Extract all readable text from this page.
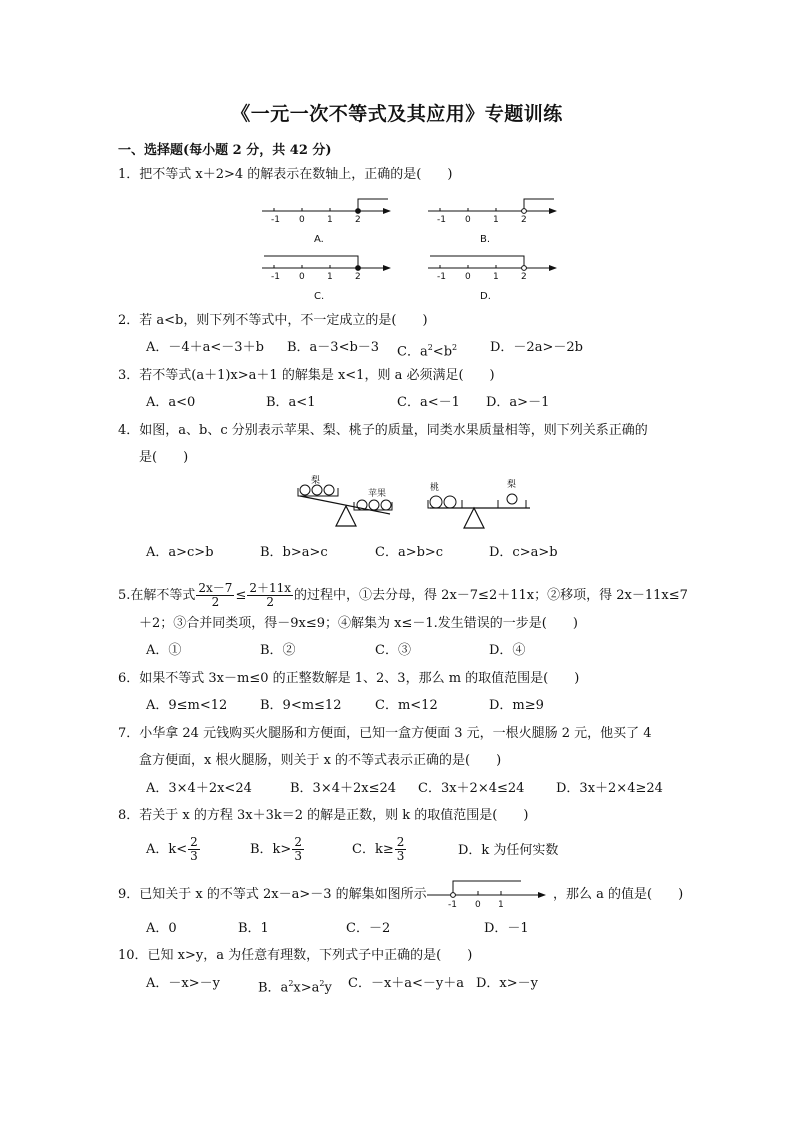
《一元一次不等式及其应用》专题训练
一、选择题(每小题 2 分，共 42 分)
1．把不等式 x＋2>4 的解表示在数轴上，正确的是(　　)
-1 0 1 2
A.
-1 0 1 2
B.
-1 0 1 2
C.
-1 0 1 2
D.
2．若 a<b，则下列不等式中，不一定成立的是(　　)
A．－4＋a<－3＋b B．a－3<b－3 C．$a^2<b^2$	D．－2a>－2b
3．若不等式(a＋1)x>a＋1 的解集是 x<1，则 a 必须满足(　　)
A．a<0	B．a<1	C．a<－1 D．a>－1
4．如图，a、b、c 分别表示苹果、梨、桃子的质量，同类水果质量相等，则下列关系正确的
是(　　)
梨
苹果
桃	梨
A．a>c>b	B．b>a>c	C．a>b>c	D．c>a>b
5.在解不等式 $\frac{2x-7}{2} \le \frac{2+11x}{2}$ 的过程中，①去分母，得 2x－7≤2＋11x；②移项，得 2x－11x≤7
＋2；③合并同类项，得－9x≤9；④解集为 x≤－1.发生错误的一步是(　　)
A．①	B．②	C．③	D．④
6．如果不等式 3x－m≤0 的正整数解是 1、2、3，那么 m 的取值范围是(　　)
A．9≤m<12	B．9<m≤12	C．m<12	D．m≥9
7．小华拿 24 元钱购买火腿肠和方便面，已知一盒方便面 3 元，一根火腿肠 2 元，他买了 4
盒方便面，x 根火腿肠，则关于 x 的不等式表示正确的是(　　)
A．3×4＋2x<24	B．3×4＋2x≤24 C．3x＋2×4≤24 D．3x＋2×4≥24
8．若关于 x 的方程 3x＋3k＝2 的解是正数，则 k 的取值范围是(　　)
A．$k< \frac{2}{3}$	B．$k> \frac{2}{3}$	C．$k\ge \frac{2}{3}$	D．k 为任何实数
9．已知关于 x 的不等式 2x－a>－3 的解集如图所示
-1 0 1
，那么 a 的值是(　　)
A．0	B．1	C．－2	D．－1
10．已知 x>y，a 为任意有理数，下列式子中正确的是(　　)
A．－x>－y	B．$a^2x>a^2y$ C．－x＋a<－y＋a D．x>－y
